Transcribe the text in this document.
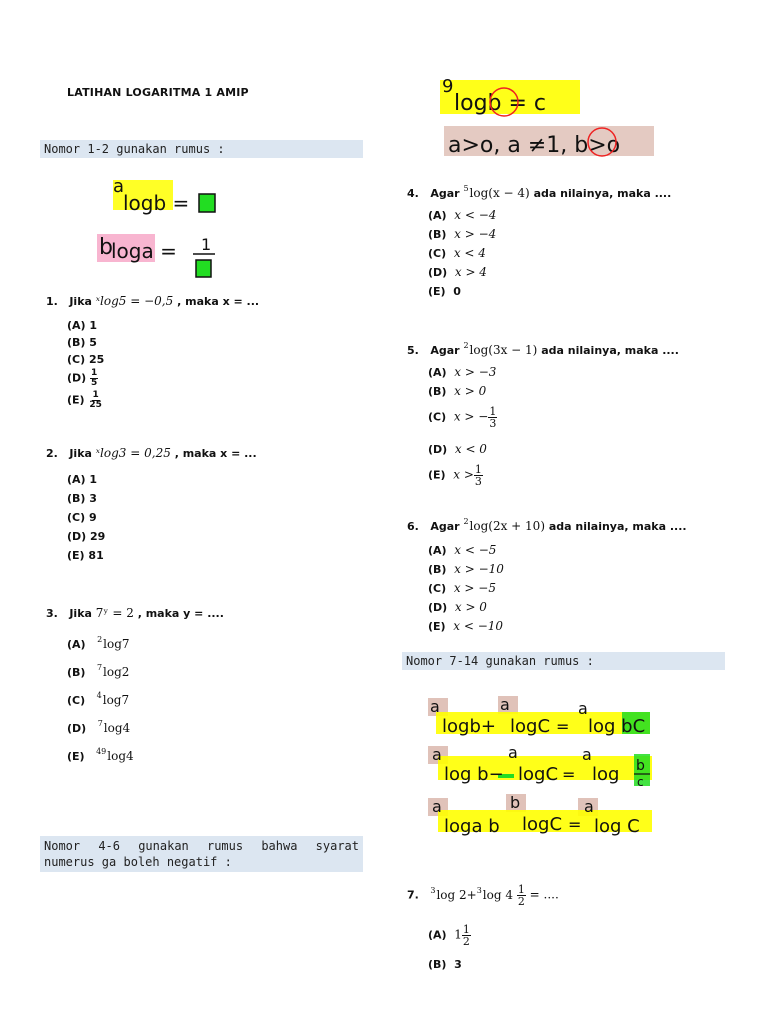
LATIHAN LOGARITMA 1 AMIP
Nomor 1-2 gunakan rumus :
a
logb =
b
loga = 1
1. Jika ˣlog5 = −0,5 , maka x = ...
(A) 1
(B) 5
(C) 25
$(D) \frac{1}{5}$
$(E) \frac{1}{25}$
2. Jika ˣlog3 = 0,25 , maka x = ...
(A) 1
(B) 3
(C) 9
(D) 29
(E) 81
3. Jika 7ʸ = 2 , maka y = ....
(A) $^2$log7
(B) $^7$log2
(C) $^4$log7
(D) $^7$log4
(E) $^{49}$log4
Nomor 4-6 gunakan rumus bahwa syarat numerus ga boleh negatif :
9
logb = c
a>o, a ≠1, b>o
4. Agar $^5$log(x − 4) ada nilainya, maka ....
(A) x < −4
(B) x > −4
(C) x < 4
(D) x > 4
(E) 0
5. Agar $^2$log(3x − 1) ada nilainya, maka ....
(A) x > −3
(B) x > 0
(C) x > − $\frac{1}{3}$
(D) x < 0
(E) $x > \frac{1}{3}$
6. Agar $^2$log(2x + 10) ada nilainya, maka ....
(A) x < −5
(B) x > −10
(C) x > −5
(D) x > 0
(E) x < −10
Nomor 7-14 gunakan rumus :
a
logb+
a
logC =
a
log bC
a
log b−
a
logC =
a
log b
c
a
loga b
b
logC =
a
log C
7. $^3$log 2+$^3$log $4 \frac{1}{2}$ = ....
(A) $1 \frac{1}{2}$
(B) 3
